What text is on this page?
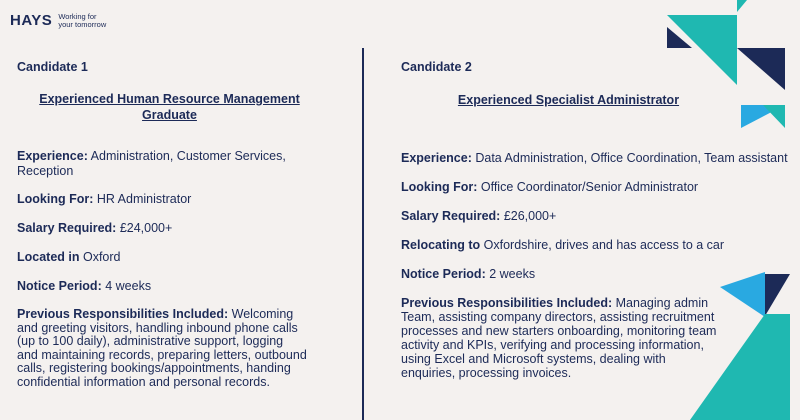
HAYS Working for
your tomorrow

Candidate 1

Experienced Human Resource Management
Graduate

Experience: Administration, Customer Services, Reception

Looking For: HR Administrator

Salary Required: £24,000+

Located in Oxford

Notice Period: 4 weeks

Previous Responsibilities Included: Welcoming and greeting visitors, handling inbound phone calls (up to 100 daily), administrative support, logging and maintaining records, preparing letters, outbound calls, registering bookings/appointments, handing confidential information and personal records.

Candidate 2

Experienced Specialist Administrator

Experience: Data Administration, Office Coordination, Team assistant

Looking For: Office Coordinator/Senior Administrator

Salary Required: £26,000+

Relocating to Oxfordshire, drives and has access to a car

Notice Period: 2 weeks

Previous Responsibilities Included: Managing admin Team, assisting company directors, assisting recruitment processes and new starters onboarding, monitoring team activity and KPIs, verifying and processing information, using Excel and Microsoft systems, dealing with enquiries, processing invoices.
